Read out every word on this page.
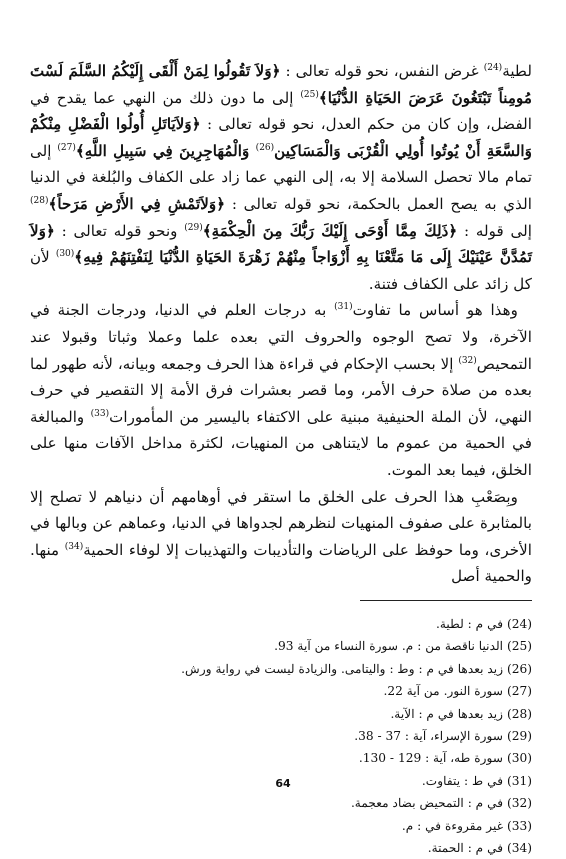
لطية$^{(24)}$ غرض النفس، نحو قوله تعالى : ﴿وَلاَ تَقُولُوا لِمَنْ أَلْقَى إِلَيْكُمُ السَّلَمَ لَسْتَ مُومِناً تَبْتَغُونَ عَرَضَ الحَيَاةِ الدُّنْيَا﴾$^{(25)}$ إلى ما دون ذلك من النهي عما يقدح في الفضل، وإن كان من حكم العدل، نحو قوله تعالى : ﴿وَلاَيَاتَلِ أُولُوا الْفَضْلِ مِنْكُمْ وَالسَّعَةِ أَنْ يُوتُوا أُولِي الْقُرْبَى وَالْمَسَاكِين$^{(26)}$ وَالْمُهَاجِرِينَ فِي سَبِيلِ اللَّهِ﴾$^{(27)}$ إلى تمام مالا تحصل السلامة إلا به، إلى النهي عما زاد على الكفاف والبُلغة في الدنيا الذي به يصح العمل بالحكمة، نحو قوله تعالى : ﴿وَلاَتَمْشِ فِي الأَرْضِ مَرَحاً﴾$^{(28)}$ إلى قوله : ﴿ذَلِكَ مِمَّا أَوْحَى إِلَيْكَ رَبُّكَ مِنَ الْحِكْمَةِ﴾$^{(29)}$ ونحو قوله تعالى : ﴿وَلاَ تَمُدَّنَّ عَيْنَيْكَ إِلَى مَا مَتَّعْنَا بِهِ أَزْوَاجاً مِنْهُمْ زَهْرَةَ الحَيَاةِ الدُّنْيَا لِنَفْتِنَهُمْ فِيهِ﴾$^{(30)}$ لأن كل زائد على الكفاف فتنة.

وهذا هو أساس ما تفاوت$^{(31)}$ به درجات العلم في الدنيا، ودرجات الجنة في الآخرة، ولا تصح الوجوه والحروف التي بعده علما وعملا وثباتا وقبولا عند التمحيص$^{(32)}$ إلا بحسب الإحكام في قراءة هذا الحرف وجمعه وبيانه، لأنه طهور لما بعده من صلاة حرف الأمر، وما قصر بعشرات فرق الأمة إلا التقصير في حرف النهي، لأن الملة الحنيفية مبنية على الاكتفاء باليسير من المأمورات$^{(33)}$ والمبالغة في الحمية من عموم ما لايتناهى من المنهيات، لكثرة مداخل الآفات منها على الخلق، فيما بعد الموت.

وبِصَعْبِ هذا الحرف على الخلق ما استقر في أوهامهم أن دنياهم لا تصلح إلا بالمثابرة على صفوف المنهيات لنظرهم لجدواها في الدنيا، وعماهم عن وبالها في الأخرى، وما حوفظ على الرياضات والتأديبات والتهذيبات إلا لوفاء الحمية$^{(34)}$ منها. والحمية أصل

(24) في م : لطية.
(25) الدنيا ناقصة من : م. سورة النساء من آية 93.
(26) زيد بعدها في م : وط : واليتامى. والزيادة ليست في رواية ورش.
(27) سورة النور. من آية 22.
(28) زيد بعدها في م : الآية.
(29) سورة الإسراء، آية : 37 - 38.
(30) سورة طه، آية : 129 - 130.
(31) في ط : يتفاوت.
(32) في م : التمحيض بضاد معجمة.
(33) غير مقروءة في : م.
(34) في م : الحمتة.
64
